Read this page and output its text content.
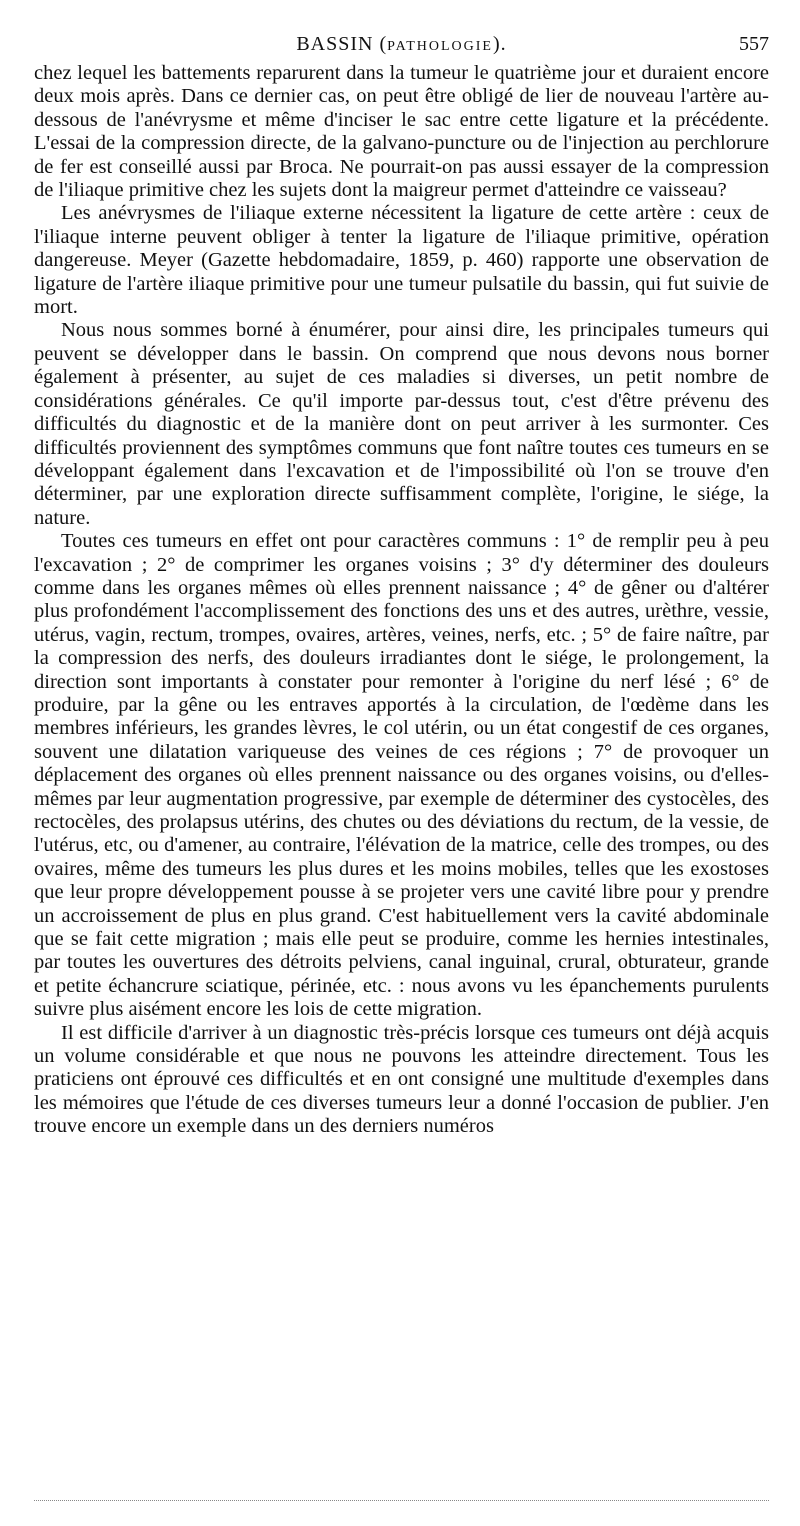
BASSIN (PATHOLOGIE).	557

chez lequel les battements reparurent dans la tumeur le quatrième jour et duraient encore deux mois après. Dans ce dernier cas, on peut être obligé de lier de nouveau l'artère au-dessous de l'anévrysme et même d'inciser le sac entre cette ligature et la précédente. L'essai de la compression directe, de la galvano-puncture ou de l'injection au perchlorure de fer est conseillé aussi par Broca. Ne pourrait-on pas aussi essayer de la compression de l'iliaque primitive chez les sujets dont la maigreur permet d'atteindre ce vaisseau?

Les anévrysmes de l'iliaque externe nécessitent la ligature de cette artère : ceux de l'iliaque interne peuvent obliger à tenter la ligature de l'iliaque primitive, opération dangereuse. Meyer (Gazette hebdomadaire, 1859, p. 460) rapporte une observation de ligature de l'artère iliaque primitive pour une tumeur pulsatile du bassin, qui fut suivie de mort.

Nous nous sommes borné à énumérer, pour ainsi dire, les principales tumeurs qui peuvent se développer dans le bassin. On comprend que nous devons nous borner également à présenter, au sujet de ces maladies si diverses, un petit nombre de considérations générales. Ce qu'il importe par-dessus tout, c'est d'être prévenu des difficultés du diagnostic et de la manière dont on peut arriver à les surmonter. Ces difficultés proviennent des symptômes communs que font naître toutes ces tumeurs en se développant également dans l'excavation et de l'impossibilité où l'on se trouve d'en déterminer, par une exploration directe suffisamment complète, l'origine, le siége, la nature.

Toutes ces tumeurs en effet ont pour caractères communs : 1° de remplir peu à peu l'excavation ; 2° de comprimer les organes voisins ; 3° d'y déterminer des douleurs comme dans les organes mêmes où elles prennent naissance ; 4° de gêner ou d'altérer plus profondément l'accomplissement des fonctions des uns et des autres, urèthre, vessie, utérus, vagin, rectum, trompes, ovaires, artères, veines, nerfs, etc. ; 5° de faire naître, par la compression des nerfs, des douleurs irradiantes dont le siége, le prolongement, la direction sont importants à constater pour remonter à l'origine du nerf lésé ; 6° de produire, par la gêne ou les entraves apportés à la circulation, de l'œdème dans les membres inférieurs, les grandes lèvres, le col utérin, ou un état congestif de ces organes, souvent une dilatation variqueuse des veines de ces régions ; 7° de provoquer un déplacement des organes où elles prennent naissance ou des organes voisins, ou d'elles-mêmes par leur augmentation progressive, par exemple de déterminer des cystocèles, des rectocèles, des prolapsus utérins, des chutes ou des déviations du rectum, de la vessie, de l'utérus, etc, ou d'amener, au contraire, l'élévation de la matrice, celle des trompes, ou des ovaires, même des tumeurs les plus dures et les moins mobiles, telles que les exostoses que leur propre développement pousse à se projeter vers une cavité libre pour y prendre un accroissement de plus en plus grand. C'est habituellement vers la cavité abdominale que se fait cette migration ; mais elle peut se produire, comme les hernies intestinales, par toutes les ouvertures des détroits pelviens, canal inguinal, crural, obturateur, grande et petite échancrure sciatique, périnée, etc. : nous avons vu les épanchements purulents suivre plus aisément encore les lois de cette migration.

Il est difficile d'arriver à un diagnostic très-précis lorsque ces tumeurs ont déjà acquis un volume considérable et que nous ne pouvons les atteindre directement. Tous les praticiens ont éprouvé ces difficultés et en ont consigné une multitude d'exemples dans les mémoires que l'étude de ces diverses tumeurs leur a donné l'occasion de publier. J'en trouve encore un exemple dans un des derniers numéros
